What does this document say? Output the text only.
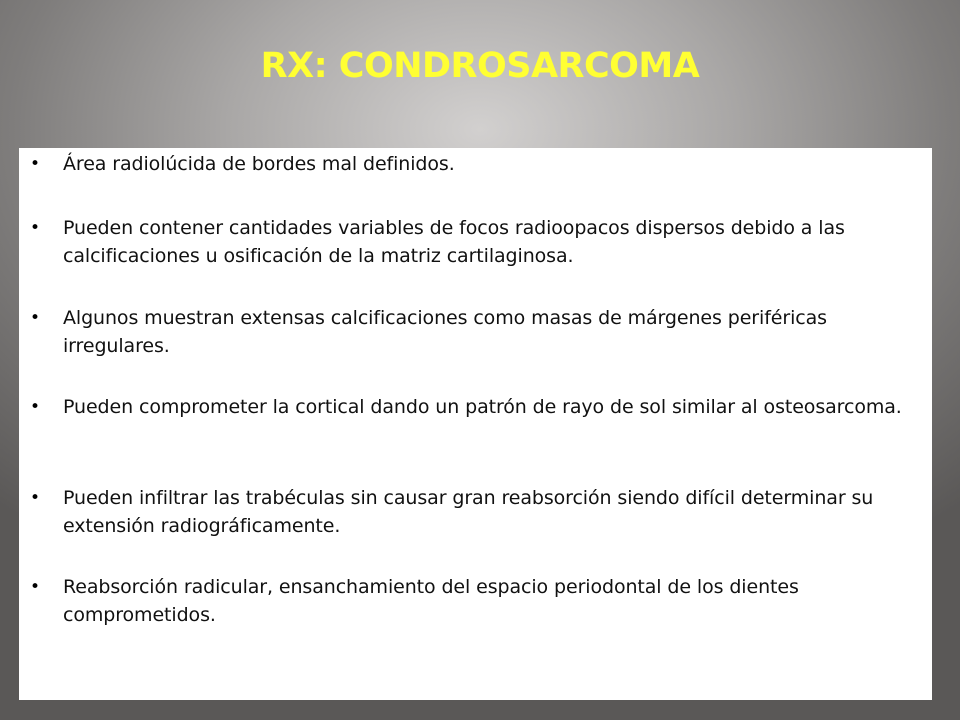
RX: CONDROSARCOMA
• Área radiolúcida de bordes mal definidos.
• Pueden contener cantidades variables de focos radioopacos dispersos debido a las calcificaciones u osificación de la matriz cartilaginosa.
• Algunos muestran extensas calcificaciones como masas de márgenes periféricas irregulares.
• Pueden comprometer la cortical dando un patrón de rayo de sol similar al osteosarcoma.
• Pueden infiltrar las trabéculas sin causar gran reabsorción siendo difícil determinar su extensión radiográficamente.
• Reabsorción radicular, ensanchamiento del espacio periodontal de los dientes comprometidos.
